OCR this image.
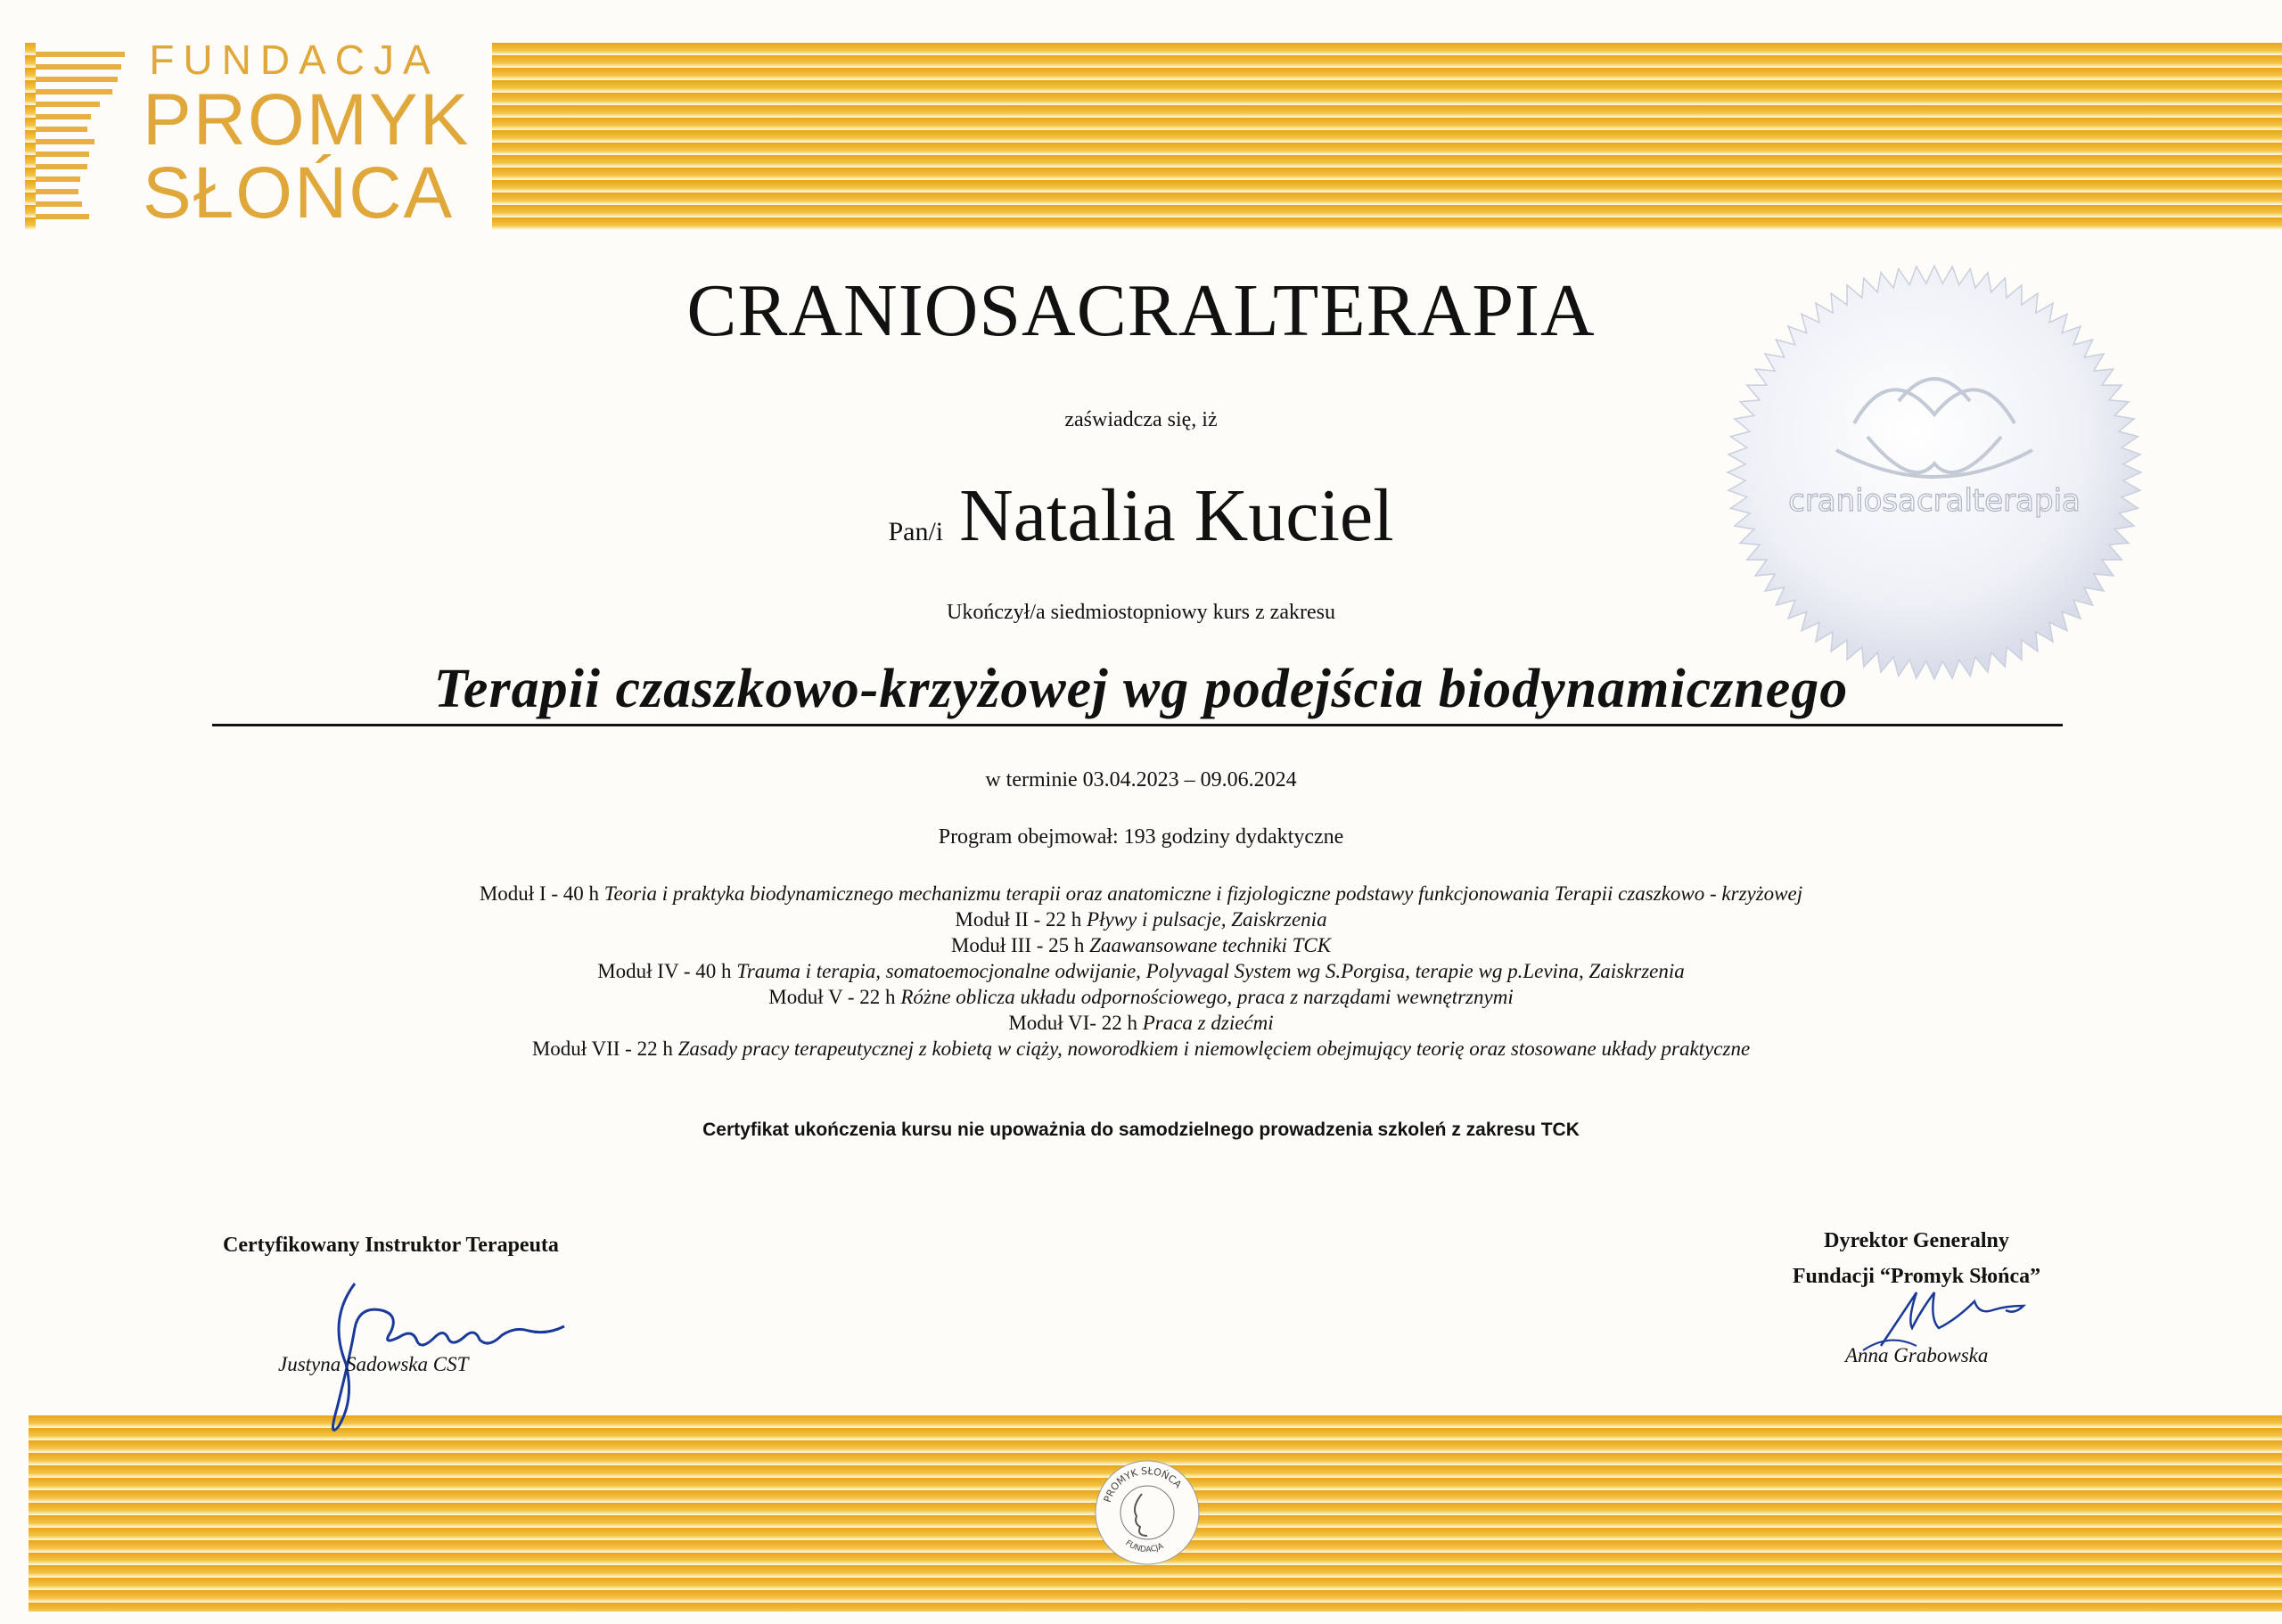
FUNDACJA
PROMYK
SŁOŃCA
craniosacralterapia
CRANIOSACRALTERAPIA
zaświadcza się, iż
Pan/i Natalia Kuciel
Ukończył/a siedmiostopniowy kurs z zakresu
Terapii czaszkowo-krzyżowej wg podejścia biodynamicznego
w terminie 03.04.2023 – 09.06.2024
Program obejmował: 193 godziny dydaktyczne
Moduł I - 40 h Teoria i praktyka biodynamicznego mechanizmu terapii oraz anatomiczne i fizjologiczne podstawy funkcjonowania Terapii czaszkowo - krzyżowej
Moduł II - 22 h Pływy i pulsacje, Zaiskrzenia
Moduł III - 25 h Zaawansowane techniki TCK
Moduł IV - 40 h Trauma i terapia, somatoemocjonalne odwijanie, Polyvagal System wg S.Porgisa, terapie wg p.Levina, Zaiskrzenia
Moduł V - 22 h Różne oblicza układu odpornościowego, praca z narządami wewnętrznymi
Moduł VI- 22 h Praca z dziećmi
Moduł VII - 22 h Zasady pracy terapeutycznej z kobietą w ciąży, noworodkiem i niemowlęciem obejmujący teorię oraz stosowane układy praktyczne
Certyfikat ukończenia kursu nie upoważnia do samodzielnego prowadzenia szkoleń z zakresu TCK
Certyfikowany Instruktor Terapeuta
Justyna Sadowska CST
Dyrektor Generalny
Fundacji “Promyk Słońca”
Anna Grabowska
PROMYK SŁOŃCA
FUNDACJA
